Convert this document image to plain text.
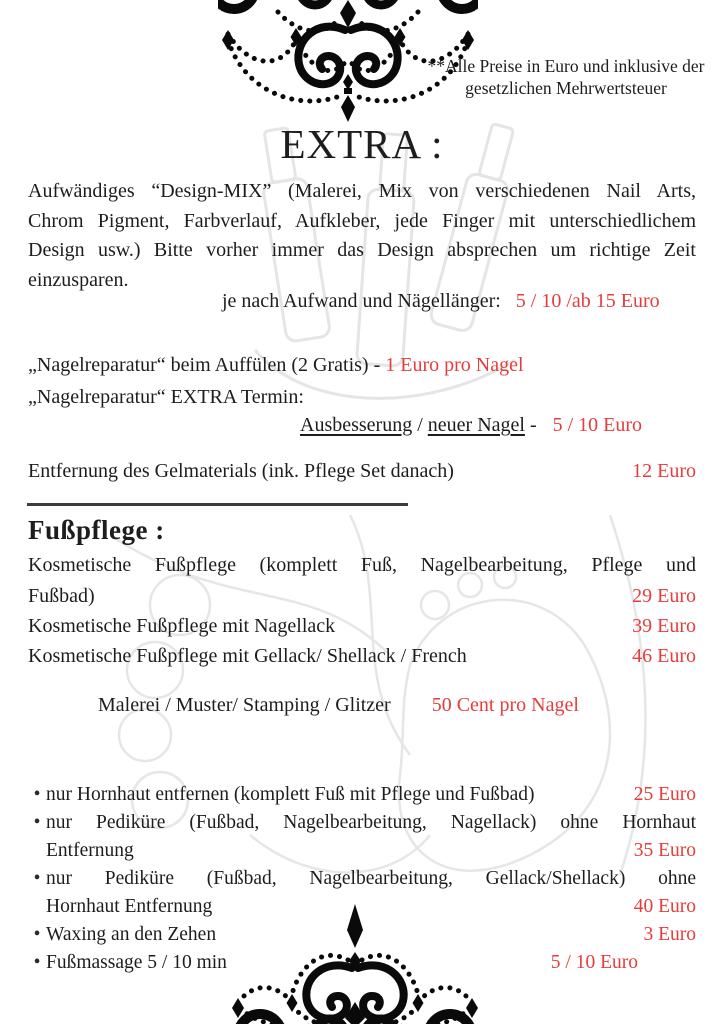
**Alle Preise in Euro und inklusive der
gesetzlichen Mehrwertsteuer
EXTRA :
Aufwändiges “Design-MIX” (Malerei, Mix von verschiedenen Nail Arts,
Chrom Pigment, Farbverlauf, Aufkleber, jede Finger mit unterschiedlichem
Design usw.) Bitte vorher immer das Design absprechen um richtige Zeit
einzusparen.
je nach Aufwand und Nägellänger: 5 / 10 /ab 15 Euro
„Nagelreparatur“ beim Auffülen (2 Gratis) - 1 Euro pro Nagel
„Nagelreparatur“ EXTRA Termin:
Ausbesserung / neuer Nagel -  5 / 10 Euro
Entfernung des Gelmaterials (ink. Pflege Set danach)	12 Euro
Fußpflege :
Kosmetische Fußpflege (komplett Fuß, Nagelbearbeitung, Pflege und
Fußbad)	29 Euro
Kosmetische Fußpflege mit Nagellack	39 Euro
Kosmetische Fußpflege mit Gellack/ Shellack / French	46 Euro
Malerei / Muster/ Stamping / Glitzer 50 Cent pro Nagel
• nur Hornhaut entfernen (komplett Fuß mit Pflege und Fußbad)	25 Euro
• nur Pediküre (Fußbad, Nagelbearbeitung, Nagellack) ohne Hornhaut
Entfernung	35 Euro
• nur Pediküre (Fußbad, Nagelbearbeitung, Gellack/Shellack) ohne
Hornhaut Entfernung	40 Euro
• Waxing an den Zehen	3 Euro
• Fußmassage 5 / 10 min	5 / 10 Euro
